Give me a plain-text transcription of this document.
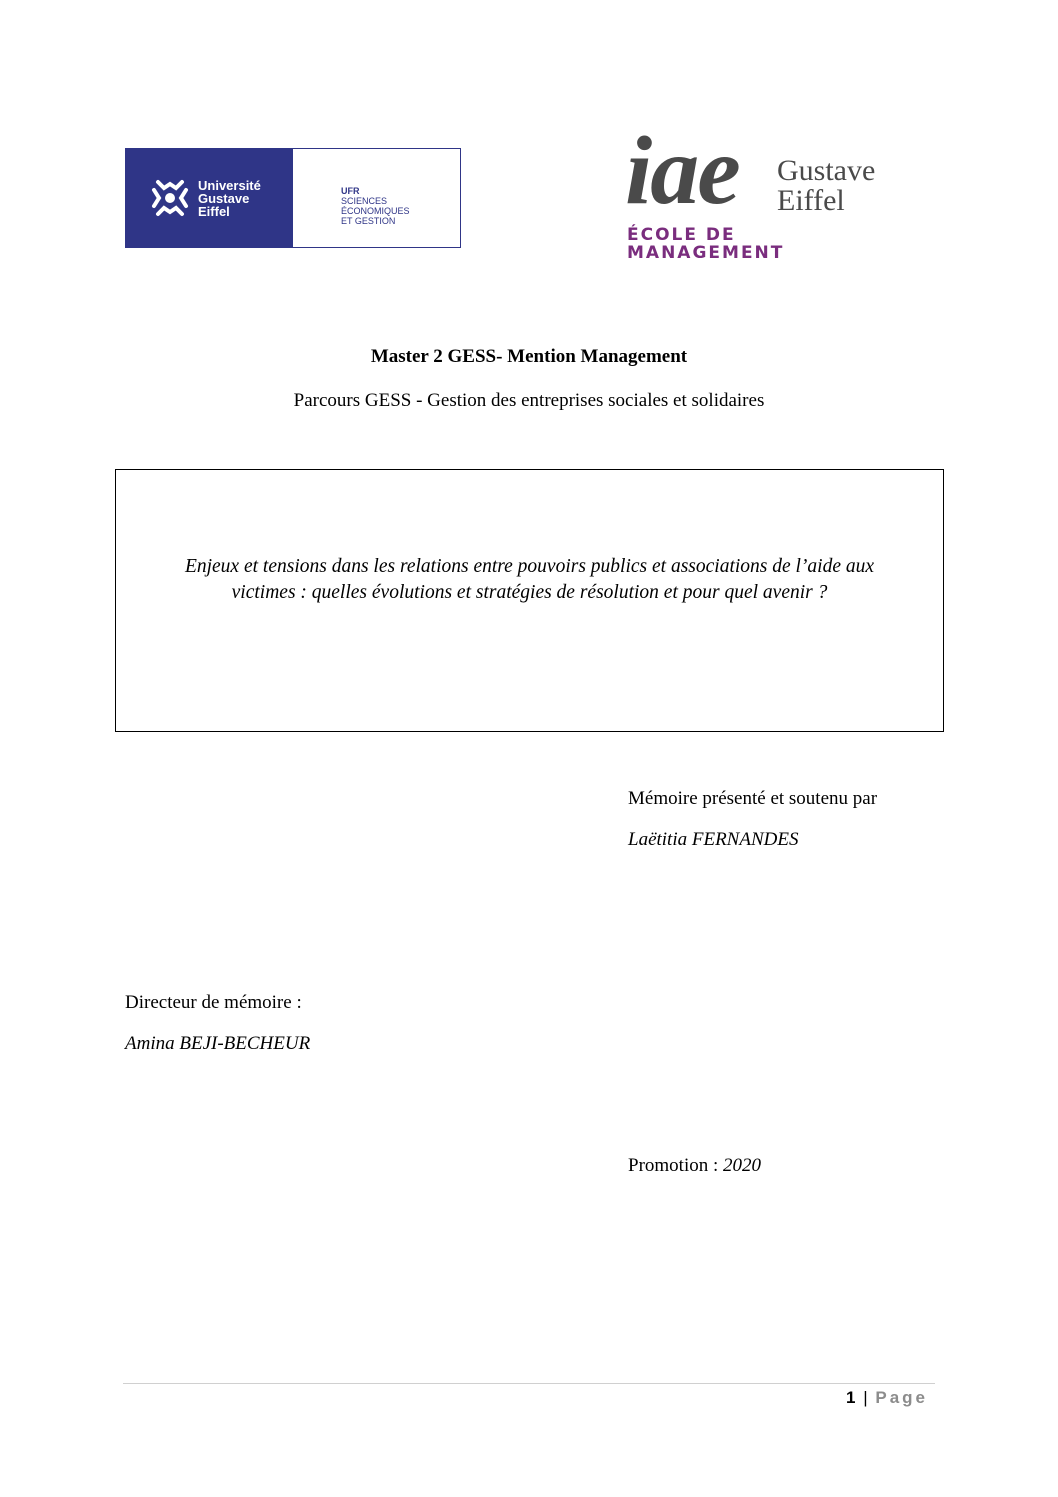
Université
Gustave
Eiffel
UFR
SCIENCES
ÉCONOMIQUES
ET GESTION	iae Gustave
Eiffel
ÉCOLE DE MANAGEMENT
Master 2 GESS- Mention Management
Parcours GESS - Gestion des entreprises sociales et solidaires
Enjeux et tensions dans les relations entre pouvoirs publics et associations de l’aide aux
victimes : quelles évolutions et stratégies de résolution et pour quel avenir ?
Mémoire présenté et soutenu par
Laëtitia FERNANDES
Directeur de mémoire :
Amina BEJI-BECHEUR
Promotion : 2020
1 | Page
